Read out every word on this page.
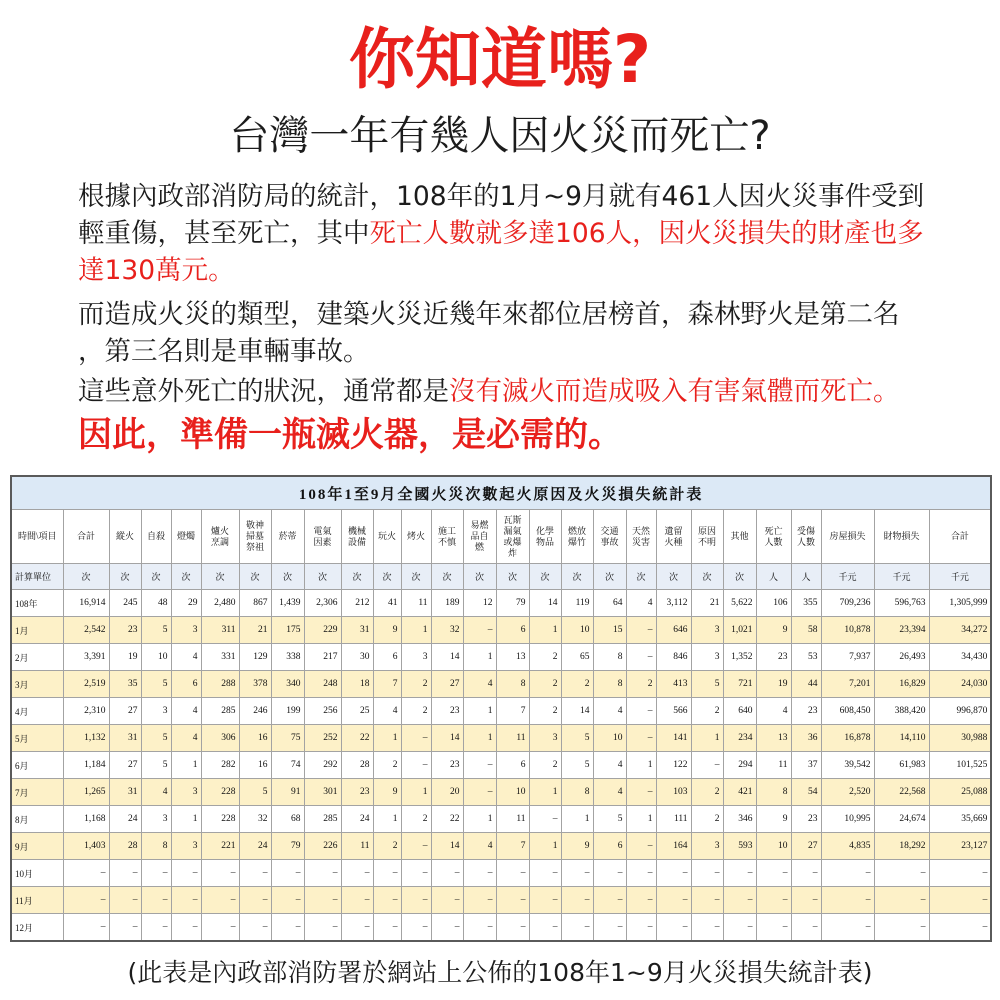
你知道嗎?
台灣一年有幾人因火災而死亡?

根據內政部消防局的統計，108年的1月~9月就有461人因火災事件受到
輕重傷，甚至死亡，其中死亡人數就多達106人，因火災損失的財產也多
達130萬元。

而造成火災的類型，建築火災近幾年來都位居榜首，森林野火是第二名
，第三名則是車輛事故。

這些意外死亡的狀況，通常都是沒有滅火而造成吸入有害氣體而死亡。

因此，準備一瓶滅火器，是必需的。

108年1至9月全國火災次數起火原因及火災損失統計表																										
時間\項目	合計	縱火	自殺	燈燭	爐火烹調	敬神掃墓祭祖	菸蒂	電氣因素	機械設備	玩火	烤火	施工不慎	易燃品自燃	瓦斯漏氣或爆炸	化學物品	燃放爆竹	交通事故	天然災害	遺留火種	原因不明	其他	死亡人數	受傷人數	房屋損失	財物損失	合計
計算單位	次	次	次	次	次	次	次	次	次	次	次	次	次	次	次	次	次	次	次	次	次	人	人	千元	千元	千元
108年	16,914	245	48	29	2,480	867	1,439	2,306	212	41	11	189	12	79	14	119	64	4	3,112	21	5,622	106	355	709,236	596,763	1,305,999
1月	2,542	23	5	3	311	21	175	229	31	9	1	32	–	6	1	10	15	–	646	3	1,021	9	58	10,878	23,394	34,272
2月	3,391	19	10	4	331	129	338	217	30	6	3	14	1	13	2	65	8	–	846	3	1,352	23	53	7,937	26,493	34,430
3月	2,519	35	5	6	288	378	340	248	18	7	2	27	4	8	2	2	8	2	413	5	721	19	44	7,201	16,829	24,030
4月	2,310	27	3	4	285	246	199	256	25	4	2	23	1	7	2	14	4	–	566	2	640	4	23	608,450	388,420	996,870
5月	1,132	31	5	4	306	16	75	252	22	1	–	14	1	11	3	5	10	–	141	1	234	13	36	16,878	14,110	30,988
6月	1,184	27	5	1	282	16	74	292	28	2	–	23	–	6	2	5	4	1	122	–	294	11	37	39,542	61,983	101,525
7月	1,265	31	4	3	228	5	91	301	23	9	1	20	–	10	1	8	4	–	103	2	421	8	54	2,520	22,568	25,088
8月	1,168	24	3	1	228	32	68	285	24	1	2	22	1	11	–	1	5	1	111	2	346	9	23	10,995	24,674	35,669
9月	1,403	28	8	3	221	24	79	226	11	2	–	14	4	7	1	9	6	–	164	3	593	10	27	4,835	18,292	23,127
10月	–	–	–	–	–	–	–	–	–	–	–	–	–	–	–	–	–	–	–	–	–	–	–	–	–	–
11月	–	–	–	–	–	–	–	–	–	–	–	–	–	–	–	–	–	–	–	–	–	–	–	–	–	–
12月	–	–	–	–	–	–	–	–	–	–	–	–	–	–	–	–	–	–	–	–	–	–	–	–	–	–
(此表是內政部消防署於網站上公佈的108年1~9月火災損失統計表)
